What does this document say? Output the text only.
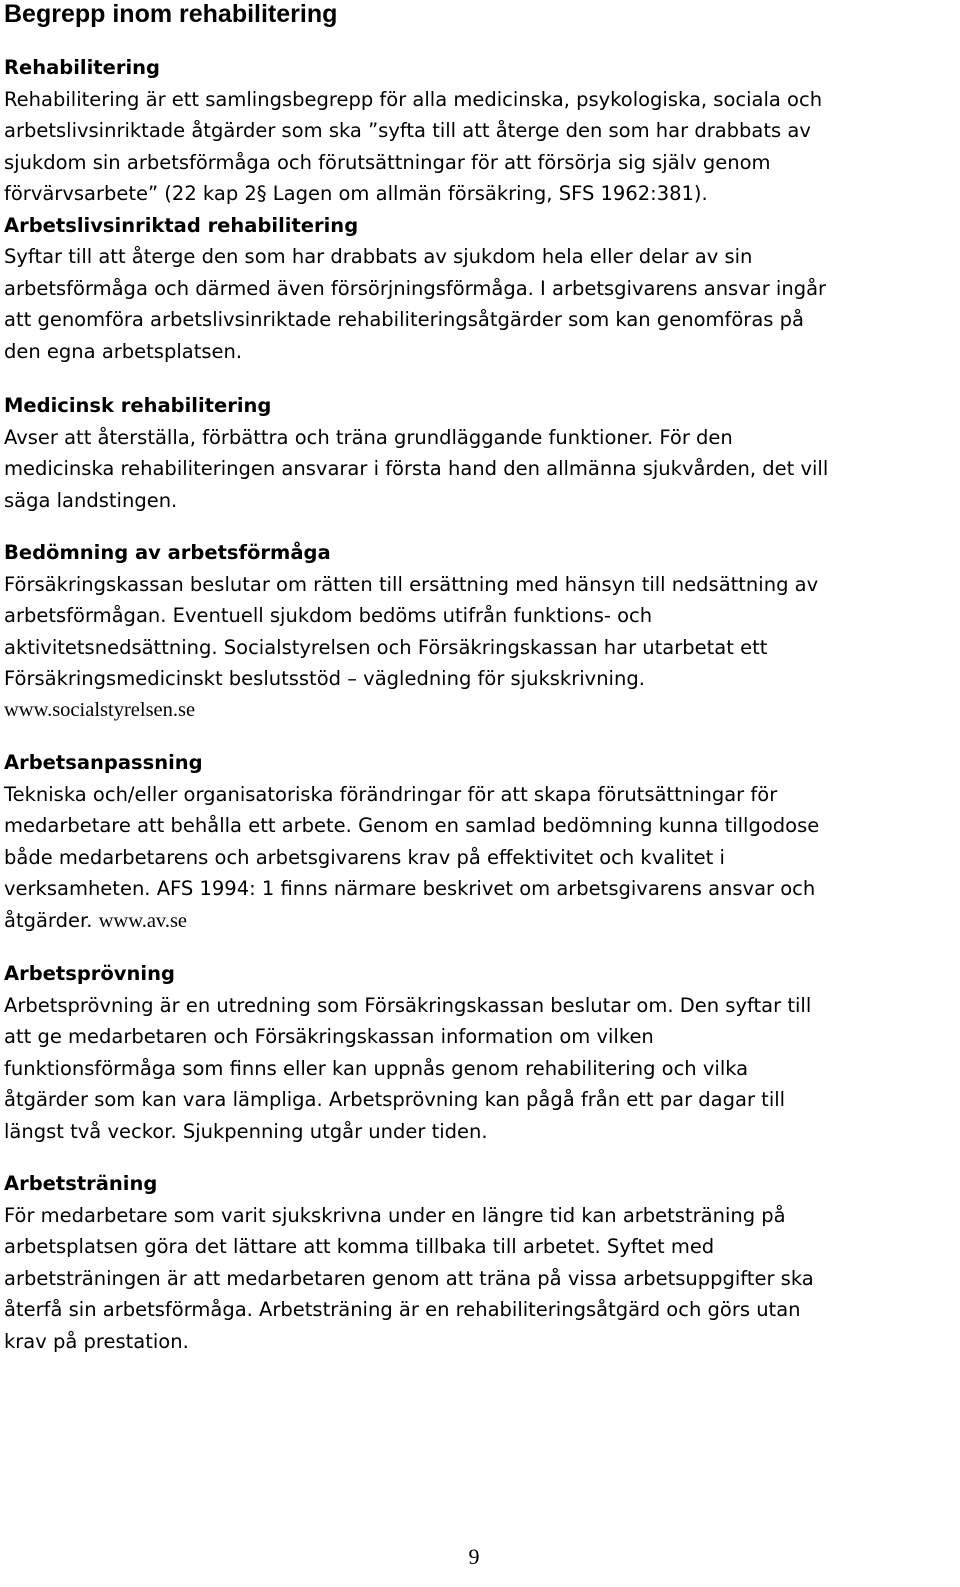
Begrepp inom rehabilitering

Rehabilitering

Rehabilitering är ett samlingsbegrepp för alla medicinska, psykologiska, sociala och
arbetslivsinriktade åtgärder som ska ”syfta till att återge den som har drabbats av
sjukdom sin arbetsförmåga och förutsättningar för att försörja sig själv genom
förvärvsarbete” (22 kap 2§ Lagen om allmän försäkring, SFS 1962:381).

Arbetslivsinriktad rehabilitering

Syftar till att återge den som har drabbats av sjukdom hela eller delar av sin
arbetsförmåga och därmed även försörjningsförmåga. I arbetsgivarens ansvar ingår
att genomföra arbetslivsinriktade rehabiliteringsåtgärder som kan genomföras på
den egna arbetsplatsen.

Medicinsk rehabilitering

Avser att återställa, förbättra och träna grundläggande funktioner. För den
medicinska rehabiliteringen ansvarar i första hand den allmänna sjukvården, det vill
säga landstingen.

Bedömning av arbetsförmåga

Försäkringskassan beslutar om rätten till ersättning med hänsyn till nedsättning av
arbetsförmågan. Eventuell sjukdom bedöms utifrån funktions- och
aktivitetsnedsättning. Socialstyrelsen och Försäkringskassan har utarbetat ett
Försäkringsmedicinskt beslutsstöd – vägledning för sjukskrivning.

www.socialstyrelsen.se

Arbetsanpassning

Tekniska och/eller organisatoriska förändringar för att skapa förutsättningar för
medarbetare att behålla ett arbete. Genom en samlad bedömning kunna tillgodose
både medarbetarens och arbetsgivarens krav på effektivitet och kvalitet i
verksamheten. AFS 1994: 1 finns närmare beskrivet om arbetsgivarens ansvar och
åtgärder. www.av.se

Arbetsprövning

Arbetsprövning är en utredning som Försäkringskassan beslutar om. Den syftar till
att ge medarbetaren och Försäkringskassan information om vilken
funktionsförmåga som finns eller kan uppnås genom rehabilitering och vilka
åtgärder som kan vara lämpliga. Arbetsprövning kan pågå från ett par dagar till
längst två veckor. Sjukpenning utgår under tiden.

Arbetsträning

För medarbetare som varit sjukskrivna under en längre tid kan arbetsträning på
arbetsplatsen göra det lättare att komma tillbaka till arbetet. Syftet med
arbetsträningen är att medarbetaren genom att träna på vissa arbetsuppgifter ska
återfå sin arbetsförmåga. Arbetsträning är en rehabiliteringsåtgärd och görs utan
krav på prestation.

9
